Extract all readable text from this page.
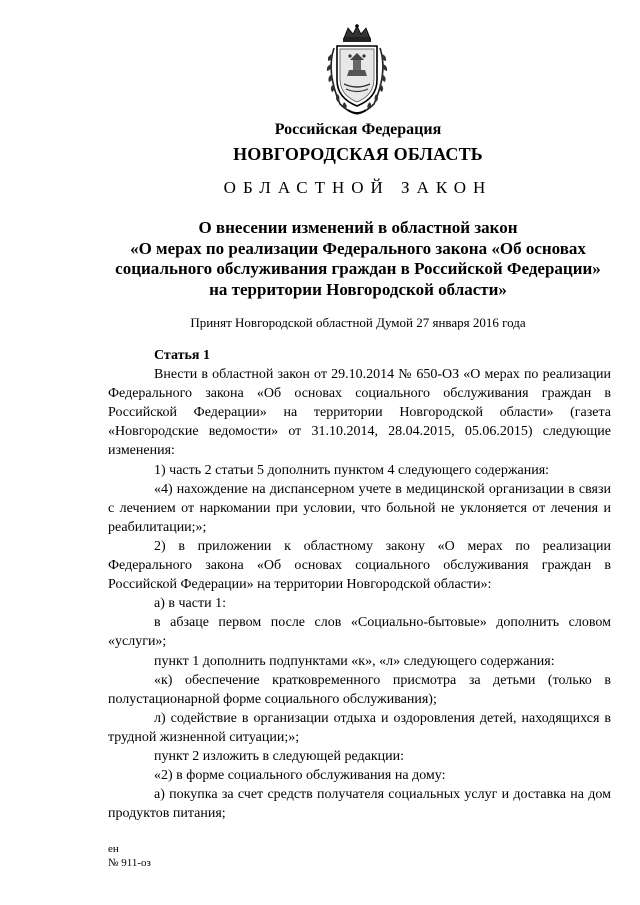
Российская Федерация
НОВГОРОДСКАЯ ОБЛАСТЬ
ОБЛАСТНОЙ ЗАКОН
О внесении изменений в областной закон
«О мерах по реализации Федерального закона «Об основах
социального обслуживания граждан в Российской Федерации»
на территории Новгородской области»
Принят Новгородской областной Думой 27 января 2016 года

Статья 1

Внести в областной закон от 29.10.2014 № 650-ОЗ «О мерах по реализации Федерального закона «Об основах социального обслуживания граждан в Российской Федерации» на территории Новгородской области» (газета «Новгородские ведомости» от 31.10.2014, 28.04.2015, 05.06.2015) следующие изменения:

1) часть 2 статьи 5 дополнить пунктом 4 следующего содержания:

«4) нахождение на диспансерном учете в медицинской организации в связи с лечением от наркомании при условии, что больной не уклоняется от лечения и реабилитации;»;

2) в приложении к областному закону «О мерах по реализации Федерального закона «Об основах социального обслуживания граждан в Российской Федерации» на территории Новгородской области»:

а) в части 1:

в абзаце первом после слов «Социально-бытовые» дополнить словом «услуги»;

пункт 1 дополнить подпунктами «к», «л» следующего содержания:

«к) обеспечение кратковременного присмотра за детьми (только в полустационарной форме социального обслуживания);

л) содействие в организации отдыха и оздоровления детей, находящихся в трудной жизненной ситуации;»;

пункт 2 изложить в следующей редакции:

«2) в форме социального обслуживания на дому:

а) покупка за счет средств получателя социальных услуг и доставка на дом продуктов питания;

ен
№ 911-оз
